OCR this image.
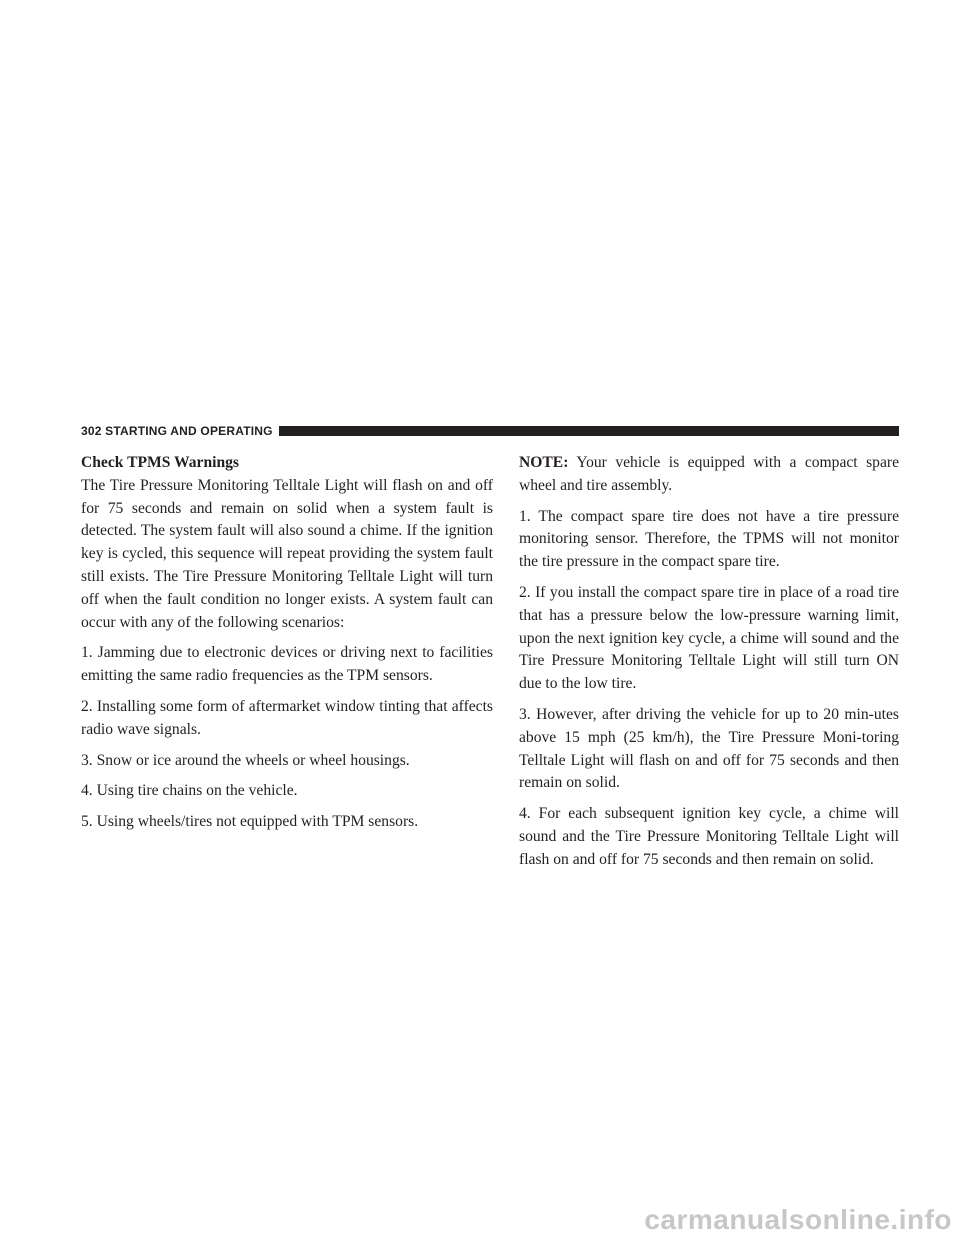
302 STARTING AND OPERATING
Check TPMS Warnings

The Tire Pressure Monitoring Telltale Light will flash on and off for 75 seconds and remain on solid when a system fault is detected. The system fault will also sound a chime. If the ignition key is cycled, this sequence will repeat providing the system fault still exists. The Tire Pressure Monitoring Telltale Light will turn off when the fault condition no longer exists. A system fault can occur with any of the following scenarios:

1. Jamming due to electronic devices or driving next to facilities emitting the same radio frequencies as the TPM sensors.

2. Installing some form of aftermarket window tinting that affects radio wave signals.

3. Snow or ice around the wheels or wheel housings.

4. Using tire chains on the vehicle.

5. Using wheels/tires not equipped with TPM sensors.

NOTE: Your vehicle is equipped with a compact spare wheel and tire assembly.

1. The compact spare tire does not have a tire pressure monitoring sensor. Therefore, the TPMS will not monitor the tire pressure in the compact spare tire.

2. If you install the compact spare tire in place of a road tire that has a pressure below the low-pressure warning limit, upon the next ignition key cycle, a chime will sound and the Tire Pressure Monitoring Telltale Light will still turn ON due to the low tire.

3. However, after driving the vehicle for up to 20 min-utes above 15 mph (25 km/h), the Tire Pressure Moni-toring Telltale Light will flash on and off for 75 seconds and then remain on solid.

4. For each subsequent ignition key cycle, a chime will sound and the Tire Pressure Monitoring Telltale Light will flash on and off for 75 seconds and then remain on solid.

carmanualsonline.info
